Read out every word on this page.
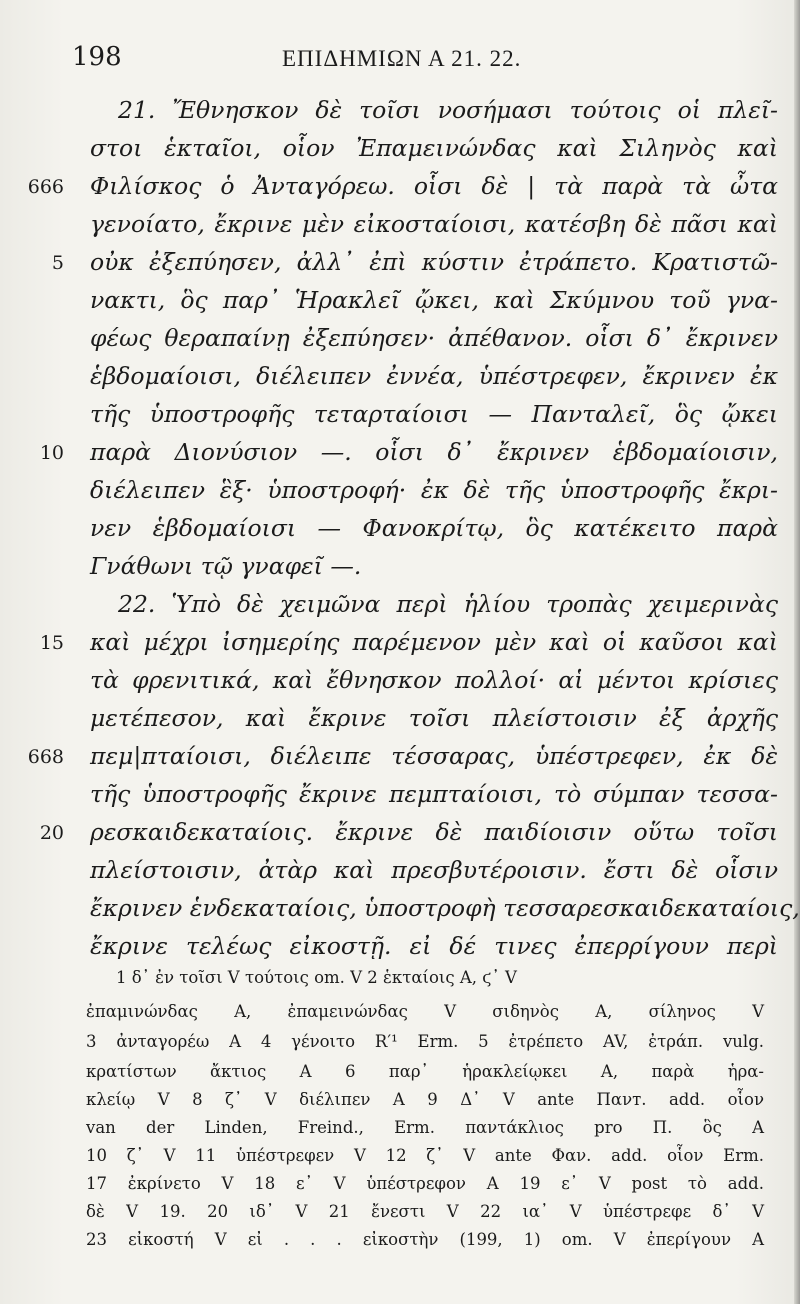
198	ΕΠΙΔΗΜΙΩΝ Α 21. 22.
21. Ἔθνησκον δὲ τοῖσι νοσήμασι τούτοις οἱ πλεῖ-
στοι ἑκταῖοι, οἷον Ἐπαμεινώνδας καὶ Σιληνὸς καὶ
666 Φιλίσκος ὁ Ἀνταγόρεω. οἷσι δὲ | τὰ παρὰ τὰ ὦτα
γενοίατο, ἔκρινε μὲν εἰκοσταίοισι, κατέσβη δὲ πᾶσι καὶ
5 οὐκ ἐξεπύησεν, ἀλλ᾿ ἐπὶ κύστιν ἐτράπετο. Κρατιστῶ-
νακτι, ὃς παρ᾿ Ἡρακλεῖ ᾤκει, καὶ Σκύμνου τοῦ γνα-
φέως θεραπαίνῃ ἐξεπύησεν· ἀπέθανον. οἷσι δ᾿ ἔκρινεν
ἑβδομαίοισι, διέλειπεν ἐννέα, ὑπέστρεφεν, ἔκρινεν ἐκ
τῆς ὑποστροφῆς τεταρταίοισι — Πανταλεῖ, ὃς ᾤκει
10 παρὰ Διονύσιον —. οἷσι δ᾿ ἔκρινεν ἑβδομαίοισιν,
διέλειπεν ἓξ· ὑποστροφή· ἐκ δὲ τῆς ὑποστροφῆς ἔκρι-
νεν ἑβδομαίοισι — Φανοκρίτῳ, ὃς κατέκειτο παρὰ
Γνάθωνι τῷ γναφεῖ —.
22. Ὑπὸ δὲ χειμῶνα περὶ ἡλίου τροπὰς χειμερινὰς
15 καὶ μέχρι ἰσημερίης παρέμενον μὲν καὶ οἱ καῦσοι καὶ
τὰ φρενιτικά, καὶ ἔθνησκον πολλοί· αἱ μέντοι κρίσιες
μετέπεσον, καὶ ἔκρινε τοῖσι πλείστοισιν ἐξ ἀρχῆς
668 πεμ|πταίοισι, διέλειπε τέσσαρας, ὑπέστρεφεν, ἐκ δὲ
τῆς ὑποστροφῆς ἔκρινε πεμπταίοισι, τὸ σύμπαν τεσσα-
20 ρεσκαιδεκαταίοις. ἔκρινε δὲ παιδίοισιν οὕτω τοῖσι
πλείστοισιν, ἀτὰρ καὶ πρεσβυτέροισιν. ἔστι δὲ οἷσιν
ἔκρινεν ἑνδεκαταίοις, ὑποστροφὴ τεσσαρεσκαιδεκαταίοις,
ἔκρινε τελέως εἰκοστῇ. εἰ δέ τινες ἐπερρίγουν περὶ
1 δ᾿ ἐν τοῖσι V τούτοις om. V 2 ἑκταίοις A, ϛ᾿ V
ἐπαμινώνδας A, ἐπαμεινώνδας V σιδηνὸς A, σίληνος V
3 ἀνταγορέω A 4 γένοιτο R′¹ Erm. 5 ἐτρέπετο AV, ἐτράπ. vulg.
κρατίστων ἄκτιος A 6 παρ᾿ ἡρακλείῳκει A, παρὰ ἡρα-
κλείῳ V 8 ζ᾿ V διέλιπεν A 9 Δ᾿ V ante Πανт. add. οἷον
van der Linden, Freind., Erm. παντάκλιος pro Π. ὃς A
10 ζ᾿ V 11 ὑπέστρεφεν V 12 ζ᾿ V ante Φαν. add. οἷον Erm.
17 ἐκρίνετο V 18 ε᾿ V ὑπέστρεφον A 19 ε᾿ V post τὸ add.
δὲ V 19. 20 ιδ᾿ V 21 ἔνεστι V 22 ια᾿ V ὑπέστρεφε δ᾿ V
23 εἰκοστή V εἰ . . . εἰκοστὴν (199, 1) om. V ἐπερίγουν A
